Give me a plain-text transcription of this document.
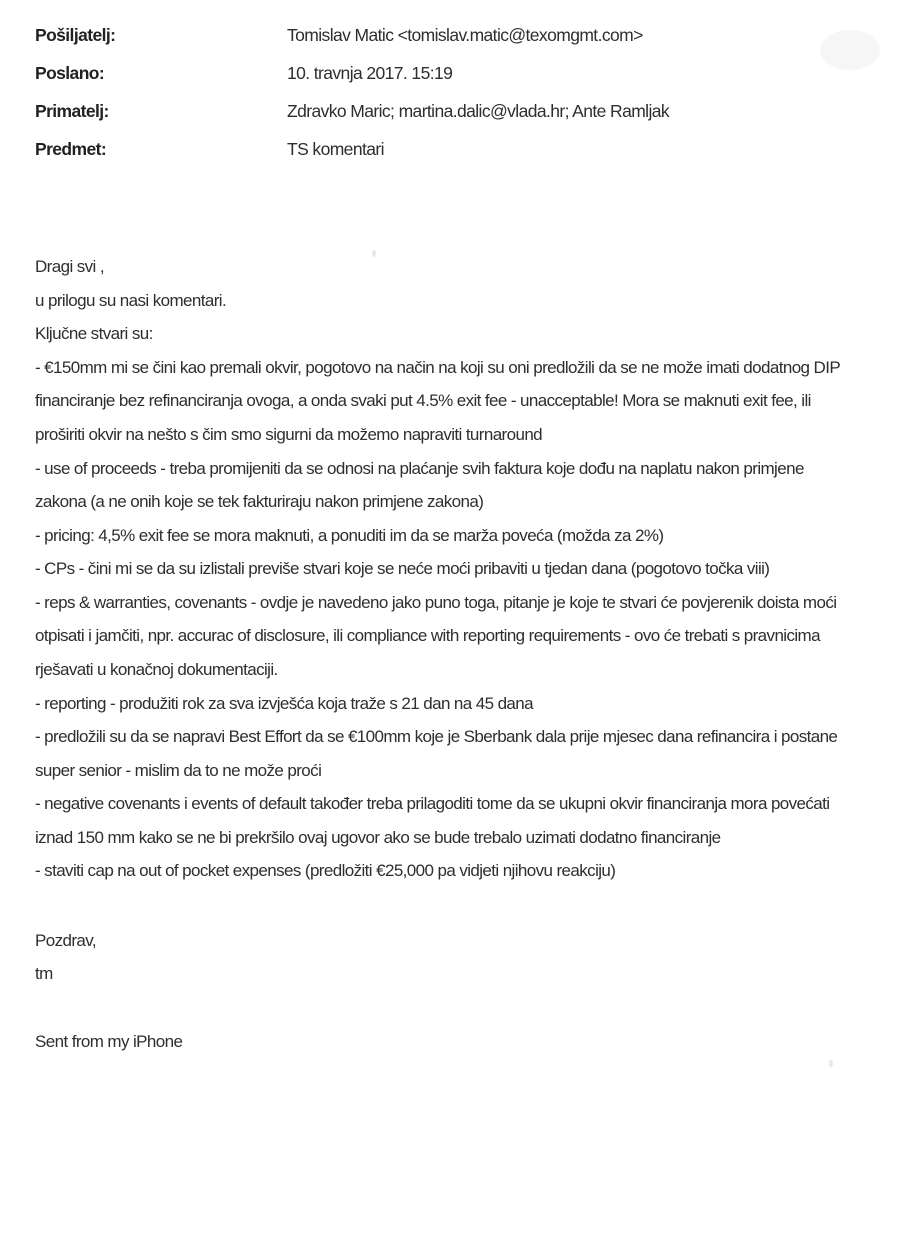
Pošiljatelj:	Tomislav Matic <tomislav.matic@texomgmt.com>
Poslano:	10. travnja 2017. 15:19
Primatelj:	Zdravko Maric; martina.dalic@vlada.hr; Ante Ramljak
Predmet:	TS komentari
Dragi svi ,
u prilogu su nasi komentari.
Ključne stvari su:
- €150mm mi se čini kao premali okvir, pogotovo na način na koji su oni predložili da se ne može imati dodatnog DIP
financiranje bez refinanciranja ovoga, a onda svaki put 4.5% exit fee - unacceptable! Mora se maknuti exit fee, ili
proširiti okvir na nešto s čim smo sigurni da možemo napraviti turnaround
- use of proceeds - treba promijeniti da se odnosi na plaćanje svih faktura koje dođu na naplatu nakon primjene
zakona (a ne onih koje se tek fakturiraju nakon primjene zakona)
- pricing: 4,5% exit fee se mora maknuti, a ponuditi im da se marža poveća (možda za 2%)
- CPs - čini mi se da su izlistali previše stvari koje se neće moći pribaviti u tjedan dana (pogotovo točka viii)
- reps & warranties, covenants - ovdje je navedeno jako puno toga, pitanje je koje te stvari će povjerenik doista moći
otpisati i jamčiti, npr. accurac of disclosure, ili compliance with reporting requirements - ovo će trebati s pravnicima
rješavati u konačnoj dokumentaciji.
- reporting - produžiti rok za sva izvješća koja traže s 21 dan na 45 dana
- predložili su da se napravi Best Effort da se €100mm koje je Sberbank dala prije mjesec dana refinancira i postane
super senior - mislim da to ne može proći
- negative covenants i events of default također treba prilagoditi tome da se ukupni okvir financiranja mora povećati
iznad 150 mm kako se ne bi prekršilo ovaj ugovor ako se bude trebalo uzimati dodatno financiranje
- staviti cap na out of pocket expenses (predložiti €25,000 pa vidjeti njihovu reakciju)
Pozdrav,
tm
Sent from my iPhone
